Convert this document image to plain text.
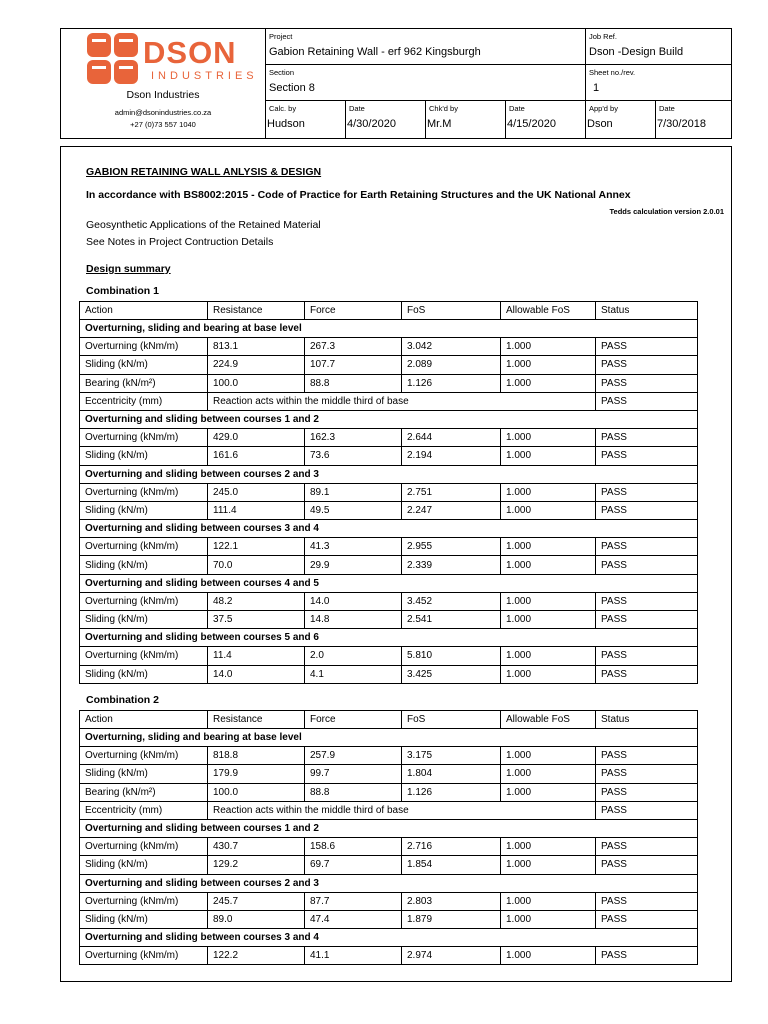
DSON
INDUSTRIES
Dson Industries
admin@dsonindustries.co.za
+27 (0)73 557 1040
Project
Gabion Retaining Wall - erf 962 Kingsburgh
Job Ref.
Dson -Design Build
Section
Section 8
Sheet no./rev.
1
Calc. by
Hudson
Date
4/30/2020
Chk'd by
Mr.M
Date
4/15/2020
App'd by
Dson
Date
7/30/2018
GABION RETAINING WALL ANLYSIS & DESIGN
In accordance with BS8002:2015 - Code of Practice for Earth Retaining Structures and the UK National Annex
Tedds calculation version 2.0.01
Geosynthetic Applications of the Retained Material
See Notes in Project Contruction Details
Design summary
Combination 1
Action	Resistance	Force	FoS	Allowable FoS	Status
Overturning, sliding and bearing at base level					
Overturning (kNm/m)	813.1	267.3	3.042	1.000	PASS
Sliding (kN/m)	224.9	107.7	2.089	1.000	PASS
Bearing (kN/m²)	100.0	88.8	1.126	1.000	PASS
Eccentricity (mm)	Reaction acts within the middle third of base				PASS
Overturning and sliding between courses 1 and 2					
Overturning (kNm/m)	429.0	162.3	2.644	1.000	PASS
Sliding (kN/m)	161.6	73.6	2.194	1.000	PASS
Overturning and sliding between courses 2 and 3					
Overturning (kNm/m)	245.0	89.1	2.751	1.000	PASS
Sliding (kN/m)	111.4	49.5	2.247	1.000	PASS
Overturning and sliding between courses 3 and 4					
Overturning (kNm/m)	122.1	41.3	2.955	1.000	PASS
Sliding (kN/m)	70.0	29.9	2.339	1.000	PASS
Overturning and sliding between courses 4 and 5					
Overturning (kNm/m)	48.2	14.0	3.452	1.000	PASS
Sliding (kN/m)	37.5	14.8	2.541	1.000	PASS
Overturning and sliding between courses 5 and 6					
Overturning (kNm/m)	11.4	2.0	5.810	1.000	PASS
Sliding (kN/m)	14.0	4.1	3.425	1.000	PASS
Combination 2
Action	Resistance	Force	FoS	Allowable FoS	Status
Overturning, sliding and bearing at base level					
Overturning (kNm/m)	818.8	257.9	3.175	1.000	PASS
Sliding (kN/m)	179.9	99.7	1.804	1.000	PASS
Bearing (kN/m²)	100.0	88.8	1.126	1.000	PASS
Eccentricity (mm)	Reaction acts within the middle third of base				PASS
Overturning and sliding between courses 1 and 2					
Overturning (kNm/m)	430.7	158.6	2.716	1.000	PASS
Sliding (kN/m)	129.2	69.7	1.854	1.000	PASS
Overturning and sliding between courses 2 and 3					
Overturning (kNm/m)	245.7	87.7	2.803	1.000	PASS
Sliding (kN/m)	89.0	47.4	1.879	1.000	PASS
Overturning and sliding between courses 3 and 4					
Overturning (kNm/m)	122.2	41.1	2.974	1.000	PASS
